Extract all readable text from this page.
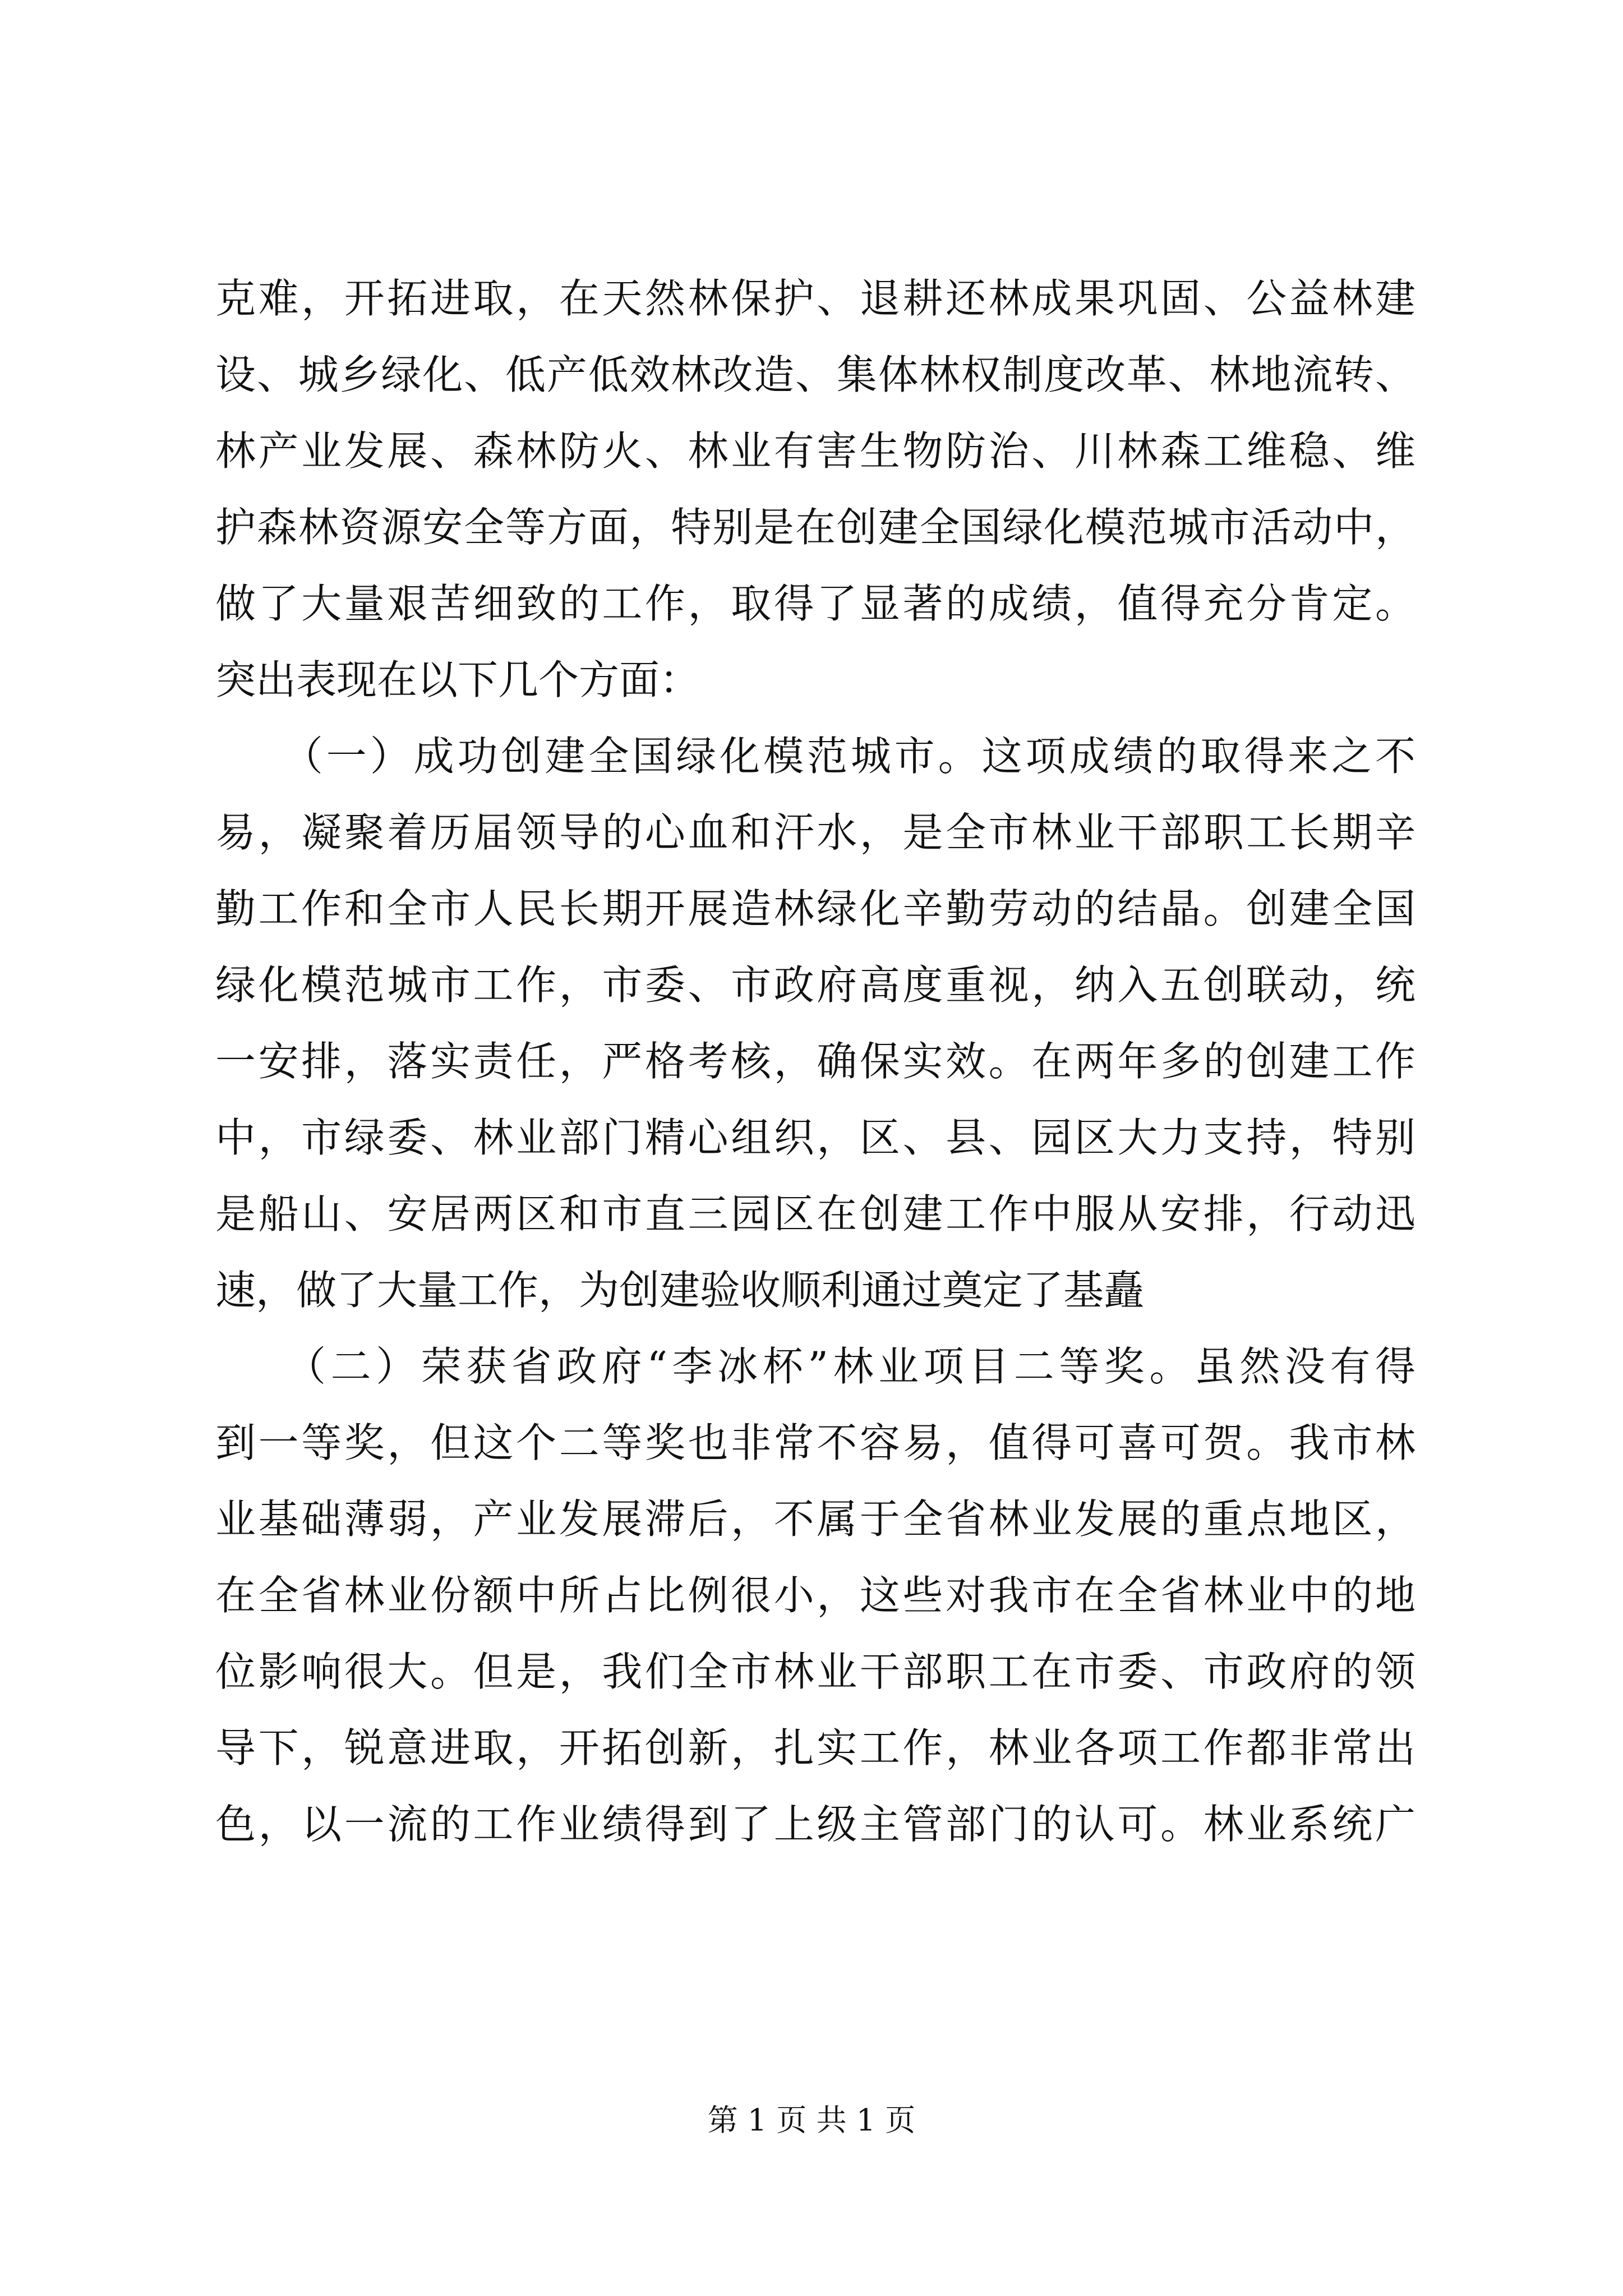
克难，开拓进取，在天然林保护、退耕还林成果巩固、公益林建
设、城乡绿化、低产低效林改造、集体林权制度改革、林地流转、
林产业发展、森林防火、林业有害生物防治、川林森工维稳、维
护森林资源安全等方面，特别是在创建全国绿化模范城市活动中，
做了大量艰苦细致的工作，取得了显著的成绩，值得充分肯定。
突出表现在以下几个方面：
　　（一）成功创建全国绿化模范城市。这项成绩的取得来之不
易，凝聚着历届领导的心血和汗水，是全市林业干部职工长期辛
勤工作和全市人民长期开展造林绿化辛勤劳动的结晶。创建全国
绿化模范城市工作，市委、市政府高度重视，纳入五创联动，统
一安排，落实责任，严格考核，确保实效。在两年多的创建工作
中，市绿委、林业部门精心组织，区、县、园区大力支持，特别
是船山、安居两区和市直三园区在创建工作中服从安排，行动迅
速，做了大量工作，为创建验收顺利通过奠定了基矗
　　（二）荣获省政府“李冰杯”林业项目二等奖。虽然没有得
到一等奖，但这个二等奖也非常不容易，值得可喜可贺。我市林
业基础薄弱，产业发展滞后，不属于全省林业发展的重点地区，
在全省林业份额中所占比例很小，这些对我市在全省林业中的地
位影响很大。但是，我们全市林业干部职工在市委、市政府的领
导下，锐意进取，开拓创新，扎实工作，林业各项工作都非常出
色，以一流的工作业绩得到了上级主管部门的认可。林业系统广
第 1 页 共 1 页
